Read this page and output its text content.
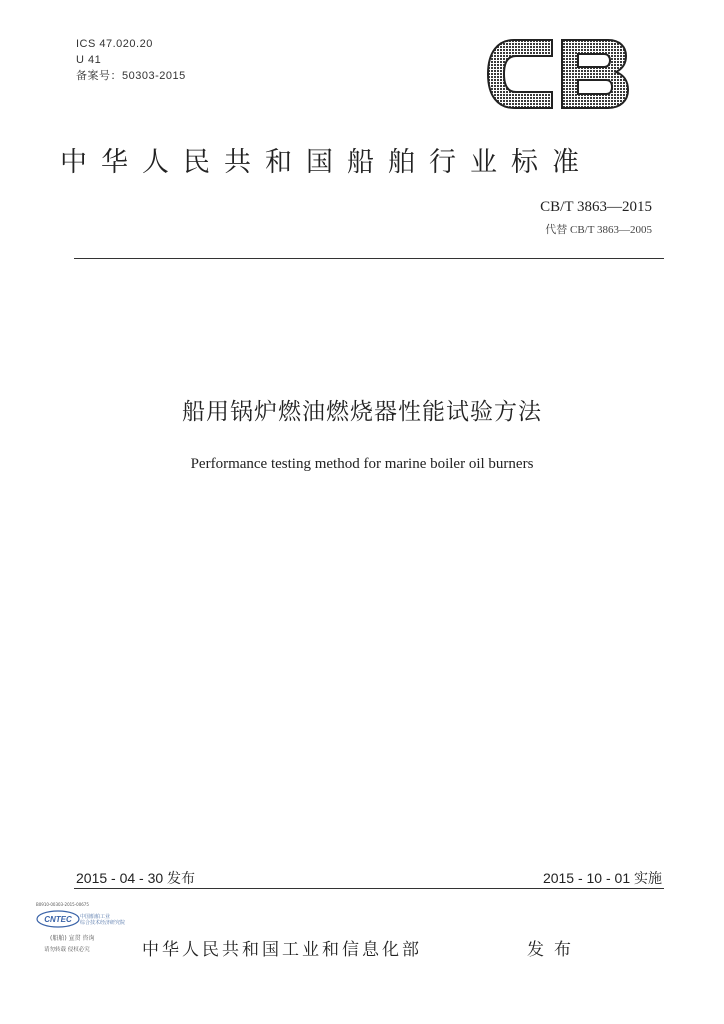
ICS 47.020.20
U 41
备案号：50303-2015
中华人民共和国船舶行业标准
CB/T 3863—2015
代替 CB/T 3863—2005
船用锅炉燃油燃烧器性能试验方法
Performance testing method for marine boiler oil burners
2015 - 04 - 30 发布	2015 - 10 - 01 实施
B0910-00303-2015-00675
CNTEC 中国船舶工业
综合技术经济研究院
(船舶) 宣贯 咨询
请勿转载 侵权必究	中华人民共和国工业和信息化部	发布
